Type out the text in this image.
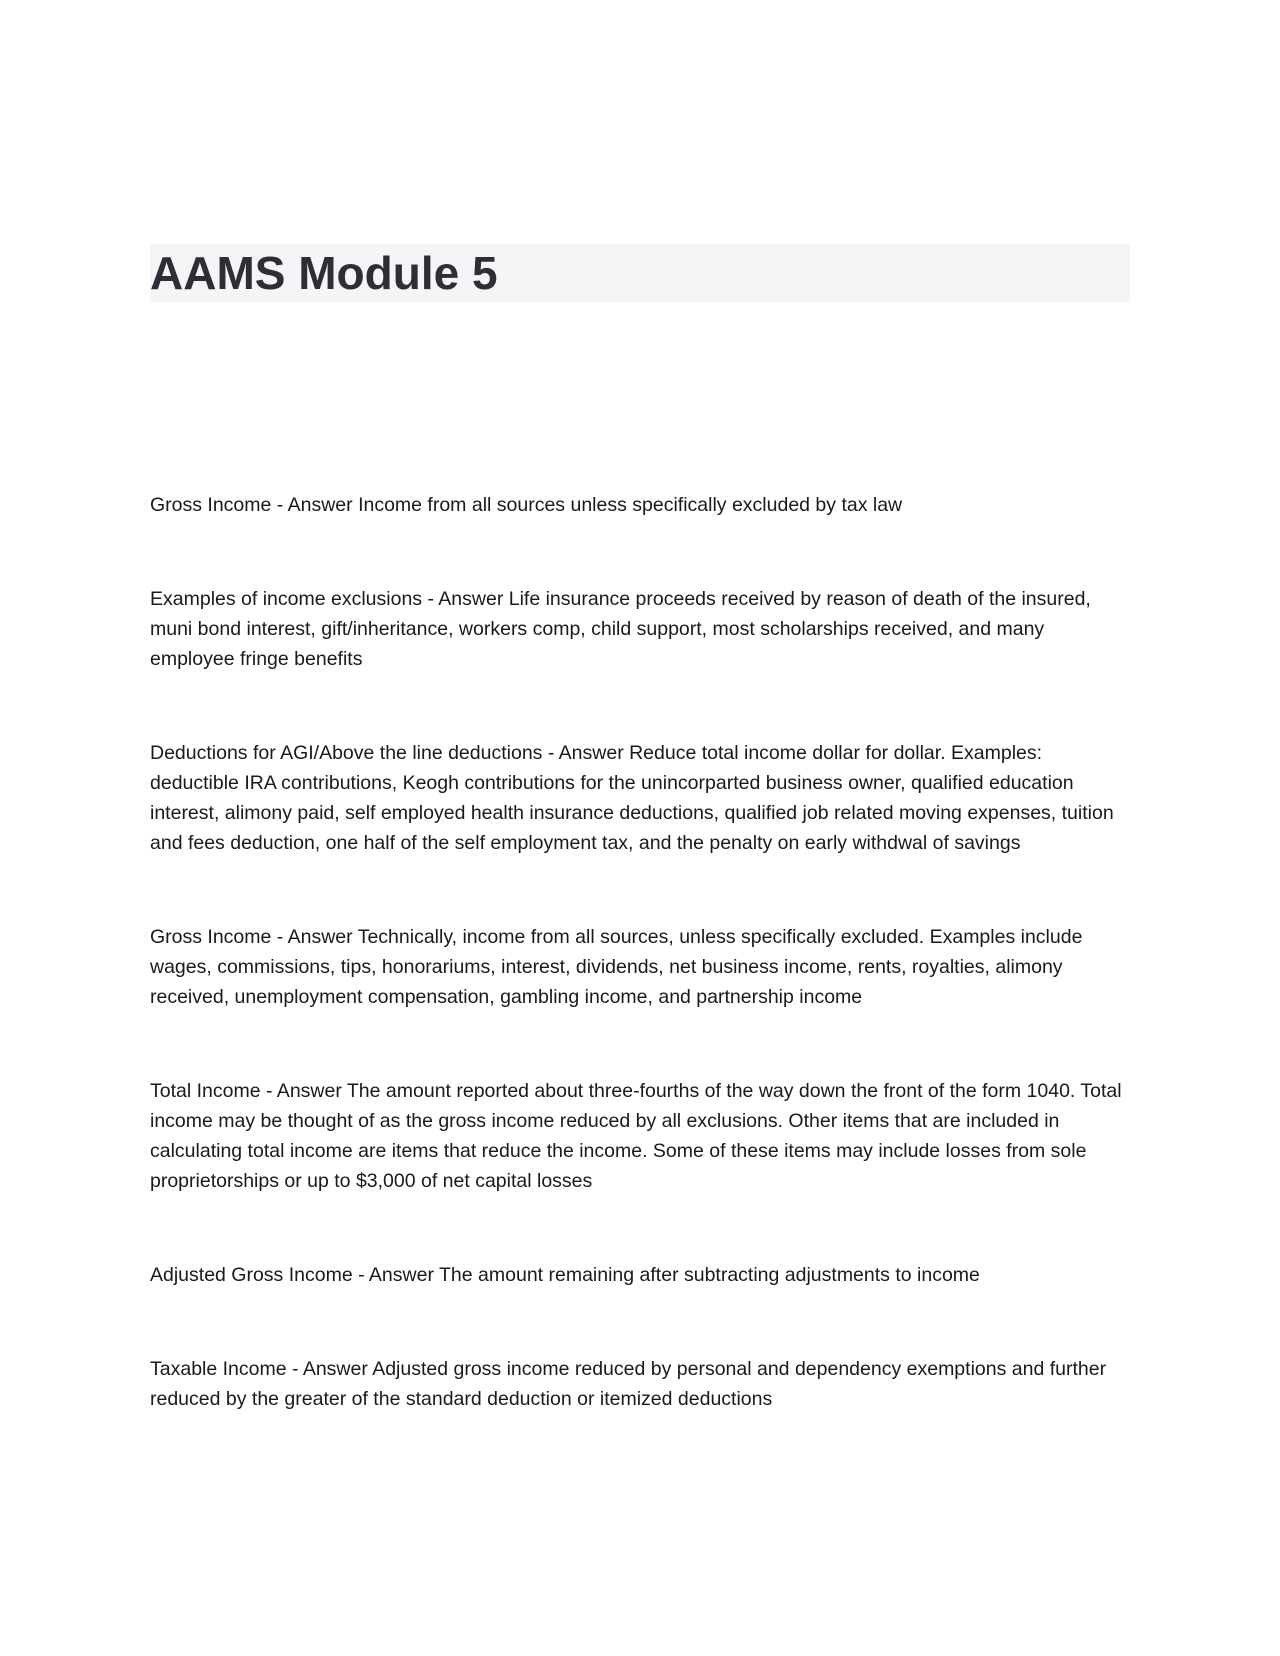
AAMS Module 5

Gross Income - Answer Income from all sources unless specifically excluded by tax law

Examples of income exclusions - Answer Life insurance proceeds received by reason of death of the insured, muni bond interest, gift/inheritance, workers comp, child support, most scholarships received, and many employee fringe benefits

Deductions for AGI/Above the line deductions - Answer Reduce total income dollar for dollar. Examples: deductible IRA contributions, Keogh contributions for the unincorparted business owner, qualified education interest, alimony paid, self employed health insurance deductions, qualified job related moving expenses, tuition and fees deduction, one half of the self employment tax, and the penalty on early withdwal of savings

Gross Income - Answer Technically, income from all sources, unless specifically excluded. Examples include wages, commissions, tips, honorariums, interest, dividends, net business income, rents, royalties, alimony received, unemployment compensation, gambling income, and partnership income

Total Income - Answer The amount reported about three-fourths of the way down the front of the form 1040. Total income may be thought of as the gross income reduced by all exclusions. Other items that are included in calculating total income are items that reduce the income. Some of these items may include losses from sole proprietorships or up to $3,000 of net capital losses

Adjusted Gross Income - Answer The amount remaining after subtracting adjustments to income

Taxable Income - Answer Adjusted gross income reduced by personal and dependency exemptions and further reduced by the greater of the standard deduction or itemized deductions
